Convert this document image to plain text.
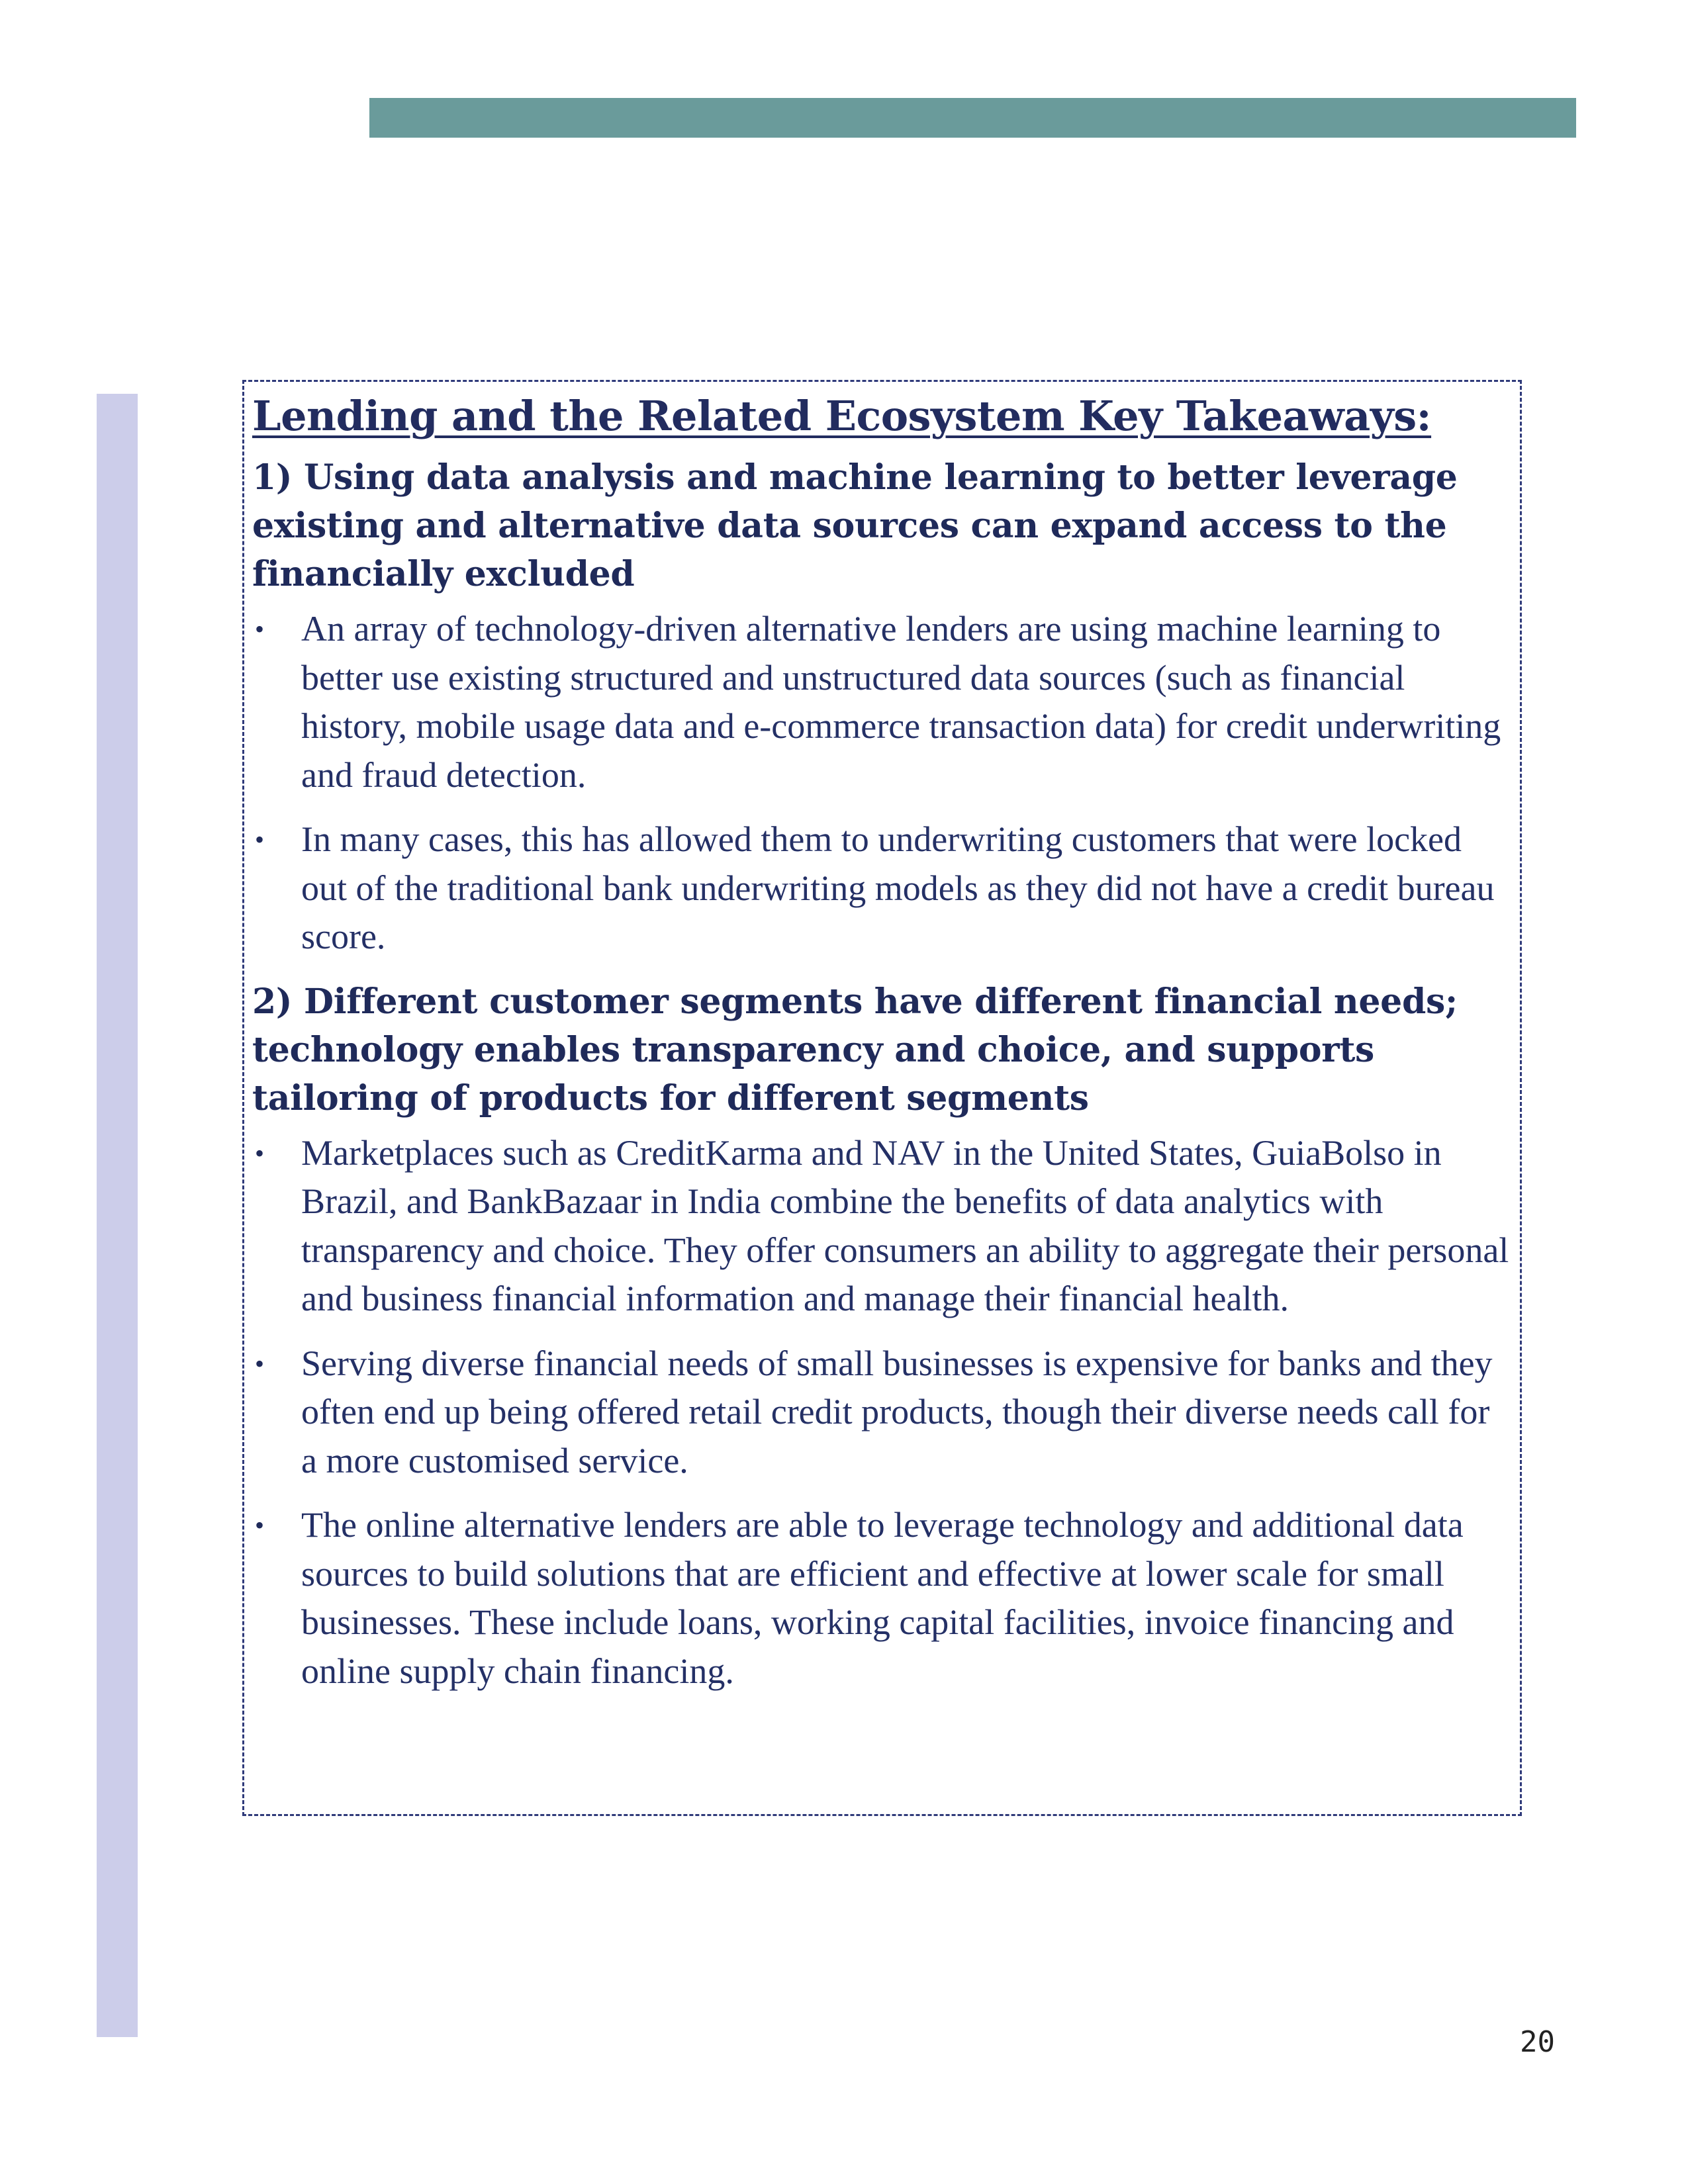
Lending and the Related Ecosystem Key Takeaways:
1) Using data analysis and machine learning to better leverage existing and alternative data sources can expand access to the financially excluded
• An array of technology-driven alternative lenders are using machine learning to better use existing structured and unstructured data sources (such as financial history, mobile usage data and e-commerce transaction data) for credit underwriting and fraud detection.
• In many cases, this has allowed them to underwriting customers that were locked out of the traditional bank underwriting models as they did not have a credit bureau score.
2) Different customer segments have different financial needs; technology enables transparency and choice, and supports tailoring of products for different segments
• Marketplaces such as CreditKarma and NAV in the United States, GuiaBolso in Brazil, and BankBazaar in India combine the benefits of data analytics with transparency and choice. They offer consumers an ability to aggregate their personal and business financial information and manage their financial health.
• Serving diverse financial needs of small businesses is expensive for banks and they often end up being offered retail credit products, though their diverse needs call for a more customised service.
• The online alternative lenders are able to leverage technology and additional data sources to build solutions that are efficient and effective at lower scale for small businesses. These include loans, working capital facilities, invoice financing and online supply chain financing.
20
